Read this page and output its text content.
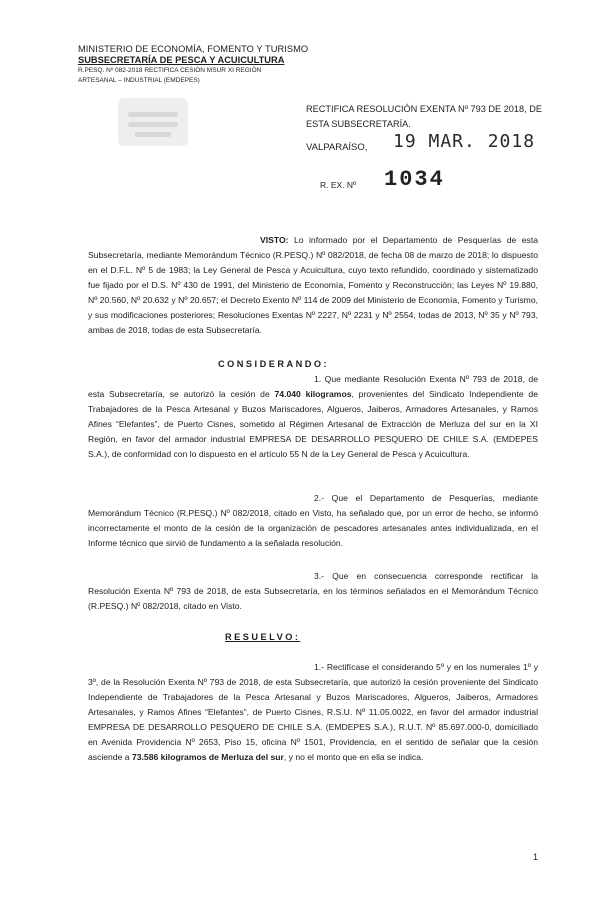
MINISTERIO DE ECONOMÍA, FOMENTO Y TURISMO
SUBSECRETARÍA DE PESCA Y ACUICULTURA
R.PESQ. Nº 082-2018 RECTIFICA CESIÓN MSUR XI REGIÓN
ARTESANAL – INDUSTRIAL (EMDEPES)
RECTIFICA RESOLUCIÓN EXENTA Nº 793 DE 2018, DE ESTA SUBSECRETARÍA.
VALPARAÍSO, 19 MAR. 2018
R. EX. Nº 1034
VISTO: Lo informado por el Departamento de Pesquerías de esta Subsecretaría, mediante Memorándum Técnico (R.PESQ.) Nº 082/2018, de fecha 08 de marzo de 2018; lo dispuesto en el D.F.L. Nº 5 de 1983; la Ley General de Pesca y Acuicultura, cuyo texto refundido, coordinado y sistematizado fue fijado por el D.S. Nº 430 de 1991, del Ministerio de Economía, Fomento y Reconstrucción; las Leyes Nº 19.880, Nº 20.560, Nº 20.632 y Nº 20.657; el Decreto Exento Nº 114 de 2009 del Ministerio de Economía, Fomento y Turismo, y sus modificaciones posteriores; Resoluciones Exentas Nº 2227, Nº 2231 y Nº 2554, todas de 2013, Nº 35 y Nº 793, ambas de 2018, todas de esta Subsecretaría.
CONSIDERANDO:
1. Que mediante Resolución Exenta Nº 793 de 2018, de esta Subsecretaría, se autorizó la cesión de 74.040 kilogramos, provenientes del Sindicato Independiente de Trabajadores de la Pesca Artesanal y Buzos Mariscadores, Algueros, Jaiberos, Armadores Artesanales, y Ramos Afines “Elefantes”, de Puerto Cisnes, sometido al Régimen Artesanal de Extracción de Merluza del sur en la XI Región, en favor del armador industrial EMPRESA DE DESARROLLO PESQUERO DE CHILE S.A. (EMDEPES S.A.), de conformidad con lo dispuesto en el artículo 55 N de la Ley General de Pesca y Acuicultura.
2.- Que el Departamento de Pesquerías, mediante Memorándum Técnico (R.PESQ.) Nº 082/2018, citado en Visto, ha señalado que, por un error de hecho, se informó incorrectamente el monto de la cesión de la organización de pescadores artesanales antes individualizada, en el Informe técnico que sirvió de fundamento a la señalada resolución.
3.- Que en consecuencia corresponde rectificar la Resolución Exenta Nº 793 de 2018, de esta Subsecretaría, en los términos señalados en el Memorándum Técnico (R.PESQ.) Nº 082/2018, citado en Visto.
RESUELVO:
1.- Rectifícase el considerando 5º y en los numerales 1º y 3º, de la Resolución Exenta Nº 793 de 2018, de esta Subsecretaría, que autorizó la cesión proveniente del Sindicato Independiente de Trabajadores de la Pesca Artesanal y Buzos Mariscadores, Algueros, Jaiberos, Armadores Artesanales, y Ramos Afines “Elefantes”, de Puerto Cisnes, R.S.U. Nº 11.05.0022, en favor del armador industrial EMPRESA DE DESARROLLO PESQUERO DE CHILE S.A. (EMDEPES S.A.), R.U.T. Nº 85.697.000-0, domiciliado en Avenida Providencia Nº 2653, Piso 15, oficina Nº 1501, Providencia, en el sentido de señalar que la cesión asciende a 73.586 kilogramos de Merluza del sur, y no el monto que en ella se indica.
1
